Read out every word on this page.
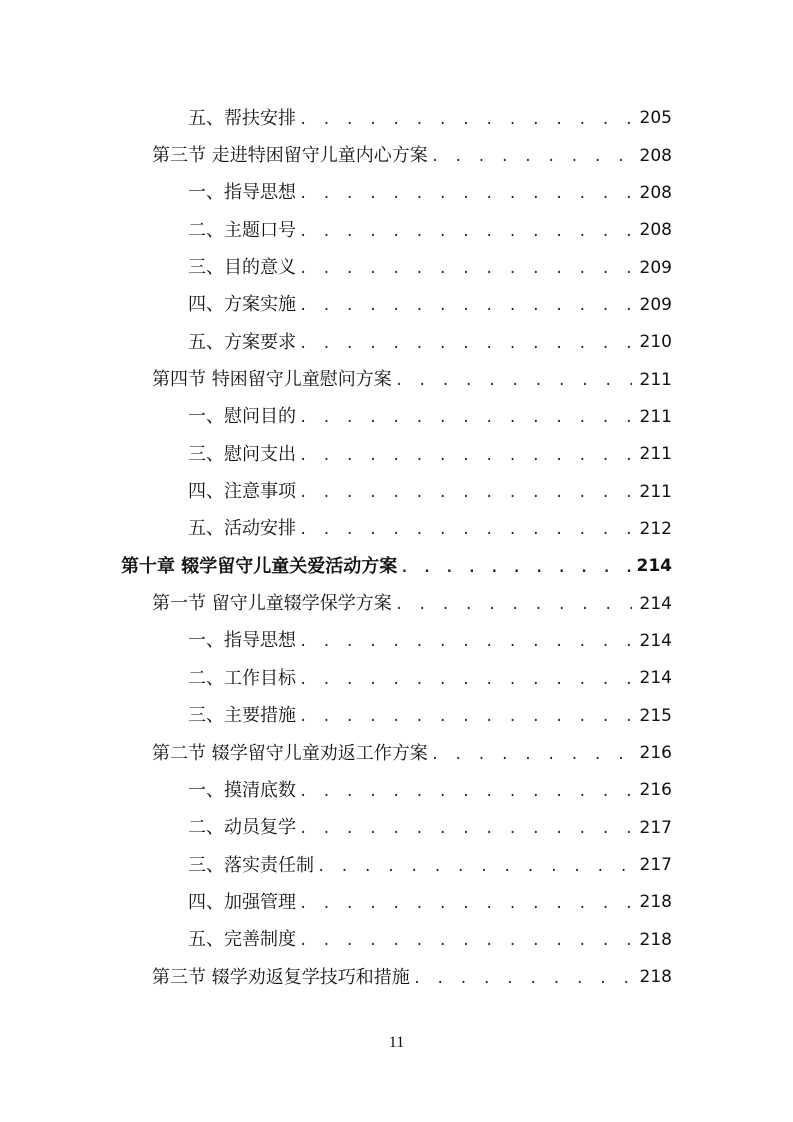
五、帮扶安排 . . .	205
第三节 走进特困留守儿童内心方案 . . .	208
一、指导思想 . . .	208
二、主题口号 . . .	208
三、目的意义 . . .	209
四、方案实施 . . .	209
五、方案要求 . . .	210
第四节 特困留守儿童慰问方案 . . .	211
一、慰问目的 . . .	211
三、慰问支出 . . .	211
四、注意事项 . . .	211
五、活动安排 . . .	212
第十章 辍学留守儿童关爱活动方案 . . .	214
第一节 留守儿童辍学保学方案 . . .	214
一、指导思想 . . .	214
二、工作目标 . . .	214
三、主要措施 . . .	215
第二节 辍学留守儿童劝返工作方案 . . .	216
一、摸清底数 . . .	216
二、动员复学 . . .	217
三、落实责任制 . . .	217
四、加强管理 . . .	218
五、完善制度 . . .	218
第三节 辍学劝返复学技巧和措施 . . .	218
11
